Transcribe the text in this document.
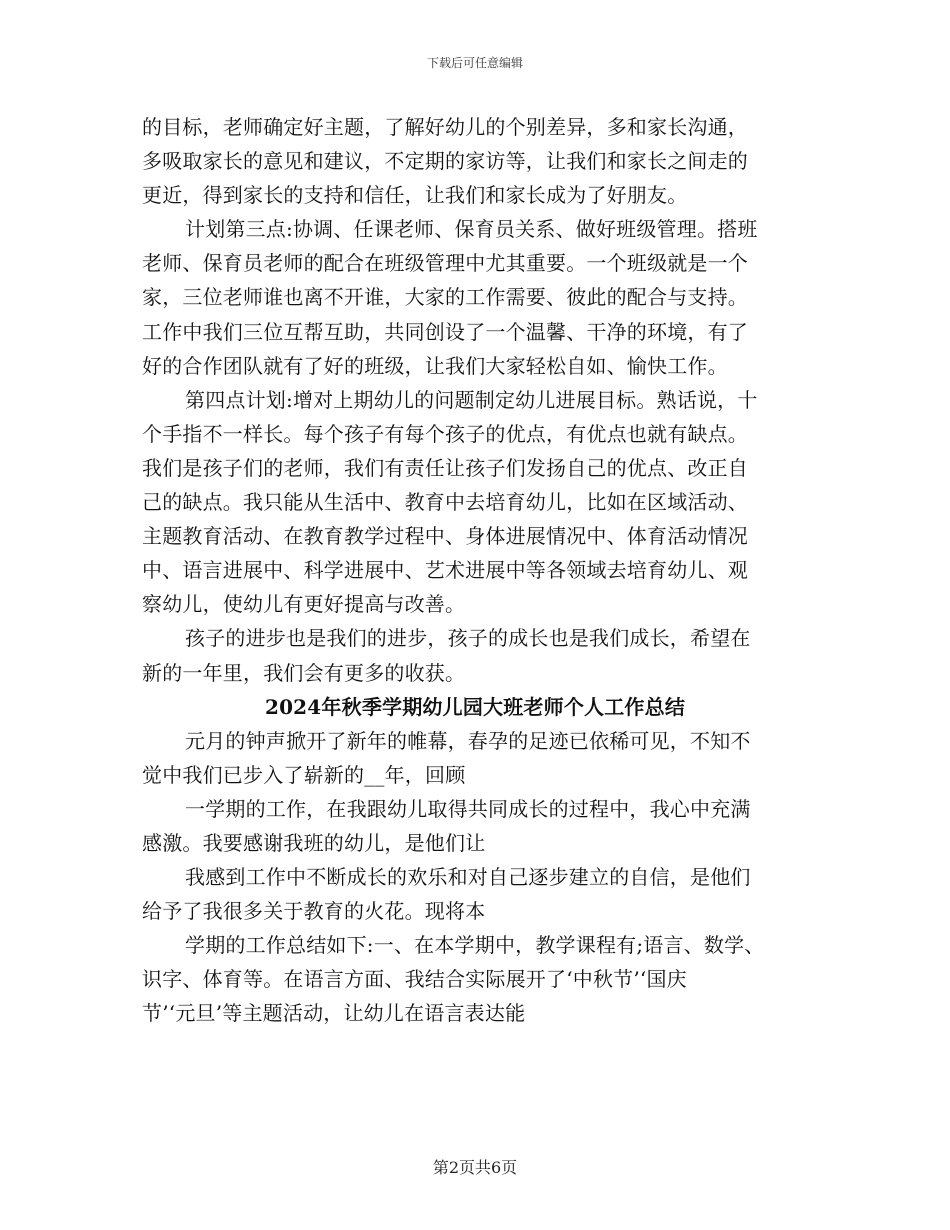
下载后可任意编辑
的目标，老师确定好主题，了解好幼儿的个别差异，多和家长沟通，
多吸取家长的意见和建议，不定期的家访等，让我们和家长之间走的
更近，得到家长的支持和信任，让我们和家长成为了好朋友。
计划第三点:协调、任课老师、保育员关系、做好班级管理。搭班
老师、保育员老师的配合在班级管理中尤其重要。一个班级就是一个
家，三位老师谁也离不开谁，大家的工作需要、彼此的配合与支持。
工作中我们三位互帮互助，共同创设了一个温馨、干净的环境，有了
好的合作团队就有了好的班级，让我们大家轻松自如、愉快工作。
第四点计划:增对上期幼儿的问题制定幼儿进展目标。熟话说，十
个手指不一样长。每个孩子有每个孩子的优点，有优点也就有缺点。
我们是孩子们的老师，我们有责任让孩子们发扬自己的优点、改正自
己的缺点。我只能从生活中、教育中去培育幼儿，比如在区域活动、
主题教育活动、在教育教学过程中、身体进展情况中、体育活动情况
中、语言进展中、科学进展中、艺术进展中等各领域去培育幼儿、观
察幼儿，使幼儿有更好提高与改善。
孩子的进步也是我们的进步，孩子的成长也是我们成长，希望在
新的一年里，我们会有更多的收获。
2024年秋季学期幼儿园大班老师个人工作总结
元月的钟声掀开了新年的帷幕，春孕的足迹已依稀可见，不知不
觉中我们已步入了崭新的__年，回顾
一学期的工作，在我跟幼儿取得共同成长的过程中，我心中充满
感激。我要感谢我班的幼儿，是他们让
我感到工作中不断成长的欢乐和对自己逐步建立的自信，是他们
给予了我很多关于教育的火花。现将本
学期的工作总结如下:一、在本学期中，教学课程有;语言、数学、
识字、体育等。在语言方面、我结合实际展开了‘中秋节’‘国庆
节’‘元旦’等主题活动，让幼儿在语言表达能
第2页共6页
